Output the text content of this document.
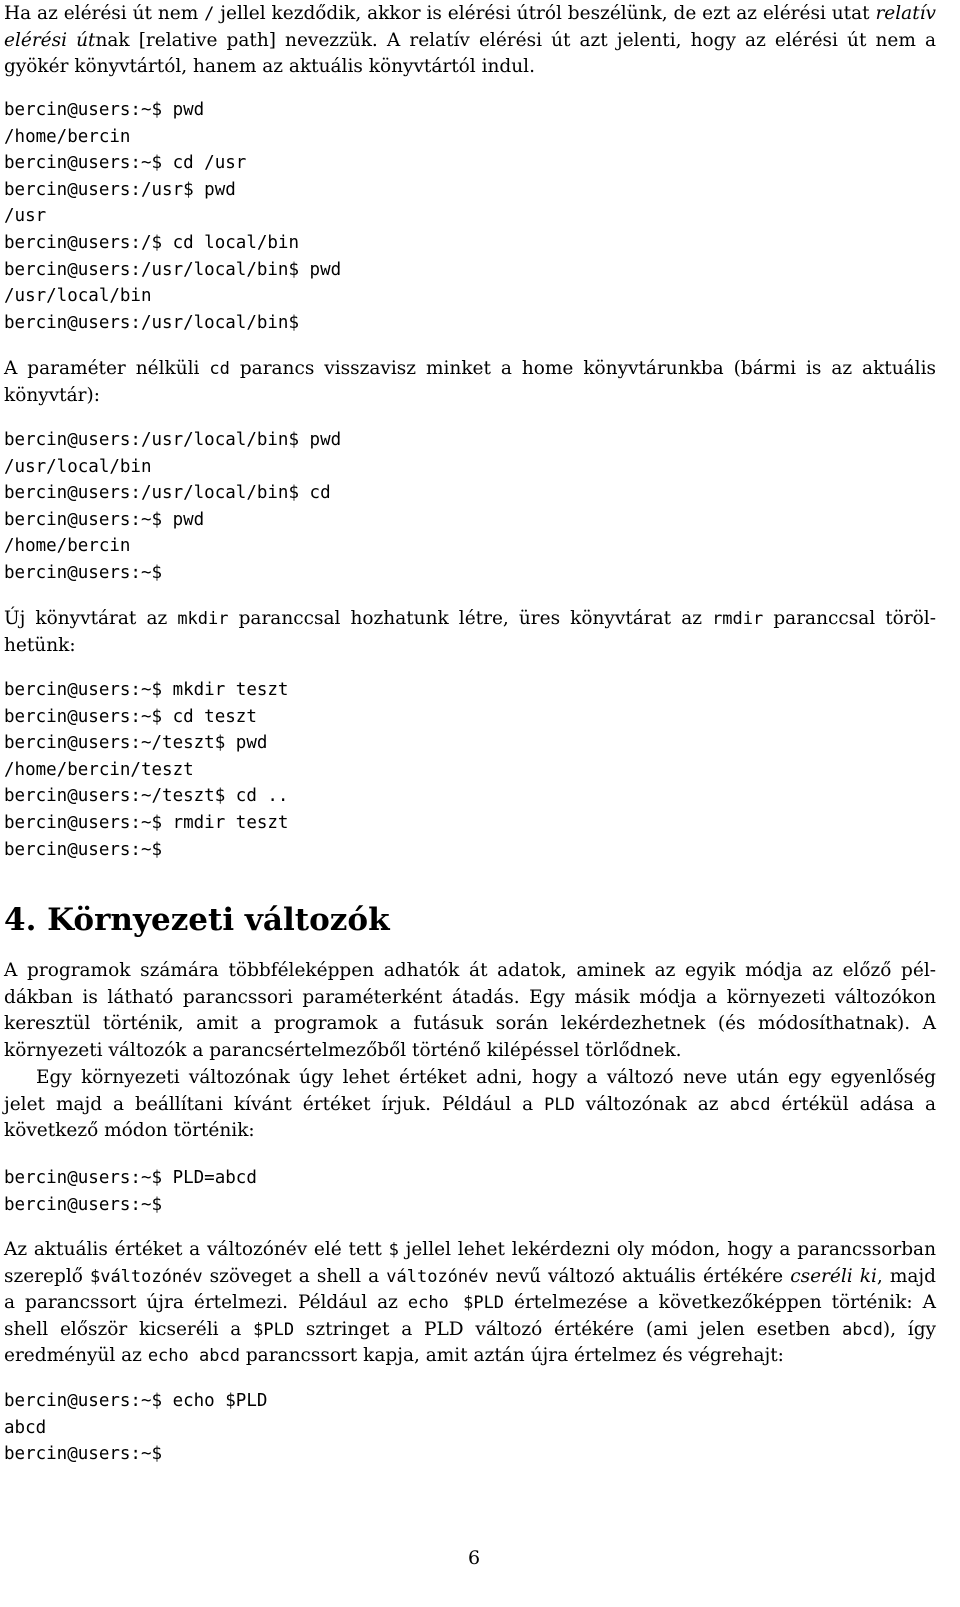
Ha az elérési út nem / jellel kezdődik, akkor is elérési útról beszélünk, de ezt az elérési utat relatív elérési útnak [relative path] nevezzük. A relatív elérési út azt jelenti, hogy az elérési út nem a gyökér könyvtártól, hanem az aktuális könyvtártól indul.

bercin@users:~$ pwd
/home/bercin
bercin@users:~$ cd /usr
bercin@users:/usr$ pwd
/usr
bercin@users:/$ cd local/bin
bercin@users:/usr/local/bin$ pwd
/usr/local/bin
bercin@users:/usr/local/bin$

A paraméter nélküli cd parancs visszavisz minket a home könyvtárunkba (bármi is az aktuális könyvtár):

bercin@users:/usr/local/bin$ pwd
/usr/local/bin
bercin@users:/usr/local/bin$ cd
bercin@users:~$ pwd
/home/bercin
bercin@users:~$

Új könyvtárat az mkdir paranccsal hozhatunk létre, üres könyvtárat az rmdir paranccsal törölhetünk:

bercin@users:~$ mkdir teszt
bercin@users:~$ cd teszt
bercin@users:~/teszt$ pwd
/home/bercin/teszt
bercin@users:~/teszt$ cd ..
bercin@users:~$ rmdir teszt
bercin@users:~$
4. Környezeti változók

A programok számára többféleképpen adhatók át adatok, aminek az egyik módja az előző példákban is látható parancssori paraméterként átadás. Egy másik módja a környezeti változókon keresztül történik, amit a programok a futásuk során lekérdezhetnek (és módosíthatnak). A környezeti változók a parancsértelmezőből történő kilépéssel törlődnek.

Egy környezeti változónak úgy lehet értéket adni, hogy a változó neve után egy egyenlőség jelet majd a beállítani kívánt értéket írjuk. Például a PLD változónak az abcd értékül adása a következő módon történik:

bercin@users:~$ PLD=abcd
bercin@users:~$

Az aktuális értéket a változónév elé tett $ jellel lehet lekérdezni oly módon, hogy a parancssorban szereplő $változónév szöveget a shell a változónév nevű változó aktuális értékére cseréli ki, majd a parancssort újra értelmezi. Például az echo $PLD értelmezése a következőképpen történik: A shell először kicseréli a $PLD sztringet a PLD változó értékére (ami jelen esetben abcd), így eredményül az echo abcd parancssort kapja, amit aztán újra értelmez és végrehajt:

bercin@users:~$ echo $PLD
abcd
bercin@users:~$
6
